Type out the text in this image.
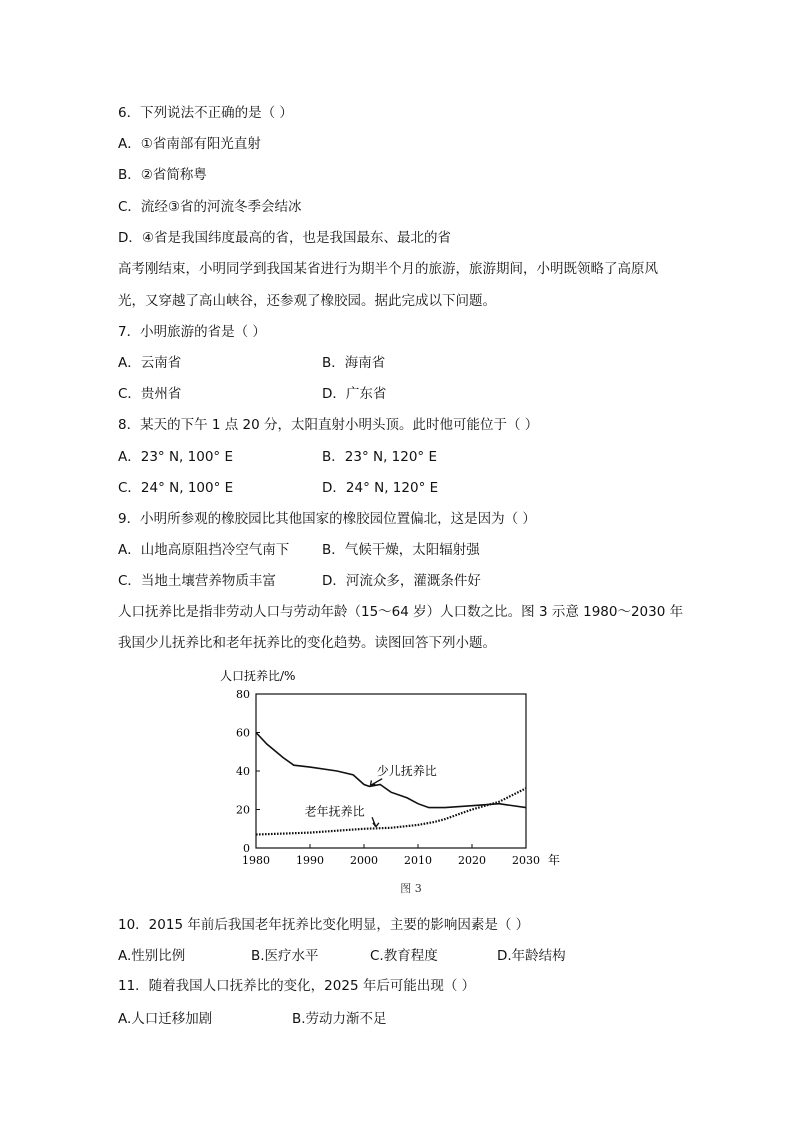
6．下列说法不正确的是（ ）
A．①省南部有阳光直射
B．②省简称粤
C．流经③省的河流冬季会结冰
D．④省是我国纬度最高的省，也是我国最东、最北的省
高考刚结束，小明同学到我国某省进行为期半个月的旅游，旅游期间，小明既领略了高原风
光，又穿越了高山峡谷，还参观了橡胶园。据此完成以下问题。
7．小明旅游的省是（ ）
A．云南省	B．海南省
C．贵州省	D．广东省
8．某天的下午 1 点 20 分，太阳直射小明头顶。此时他可能位于（ ）
A．23° N, 100° E	B．23° N, 120° E
C．24° N, 100° E	D．24° N, 120° E
9．小明所参观的橡胶园比其他国家的橡胶园位置偏北，这是因为（ ）
A．山地高原阻挡冷空气南下 B．气候干燥，太阳辐射强
C．当地土壤营养物质丰富	D．河流众多，灌溉条件好
人口抚养比是指非劳动人口与劳动年龄（15～64 岁）人口数之比。图 3 示意 1980～2030 年
我国少儿抚养比和老年抚养比的变化趋势。读图回答下列小题。
人口抚养比/%
0
20
40
60
80
1980 1990 2000 2010 2020 2030
少儿抚养比
老年抚养比
年
图 3
10．2015 年前后我国老年抚养比变化明显，主要的影响因素是（ ）
A.性别比例	B.医疗水平	C.教育程度	D.年龄结构
11．随着我国人口抚养比的变化，2025 年后可能出现（ ）
A.人口迁移加剧	B.劳动力渐不足
